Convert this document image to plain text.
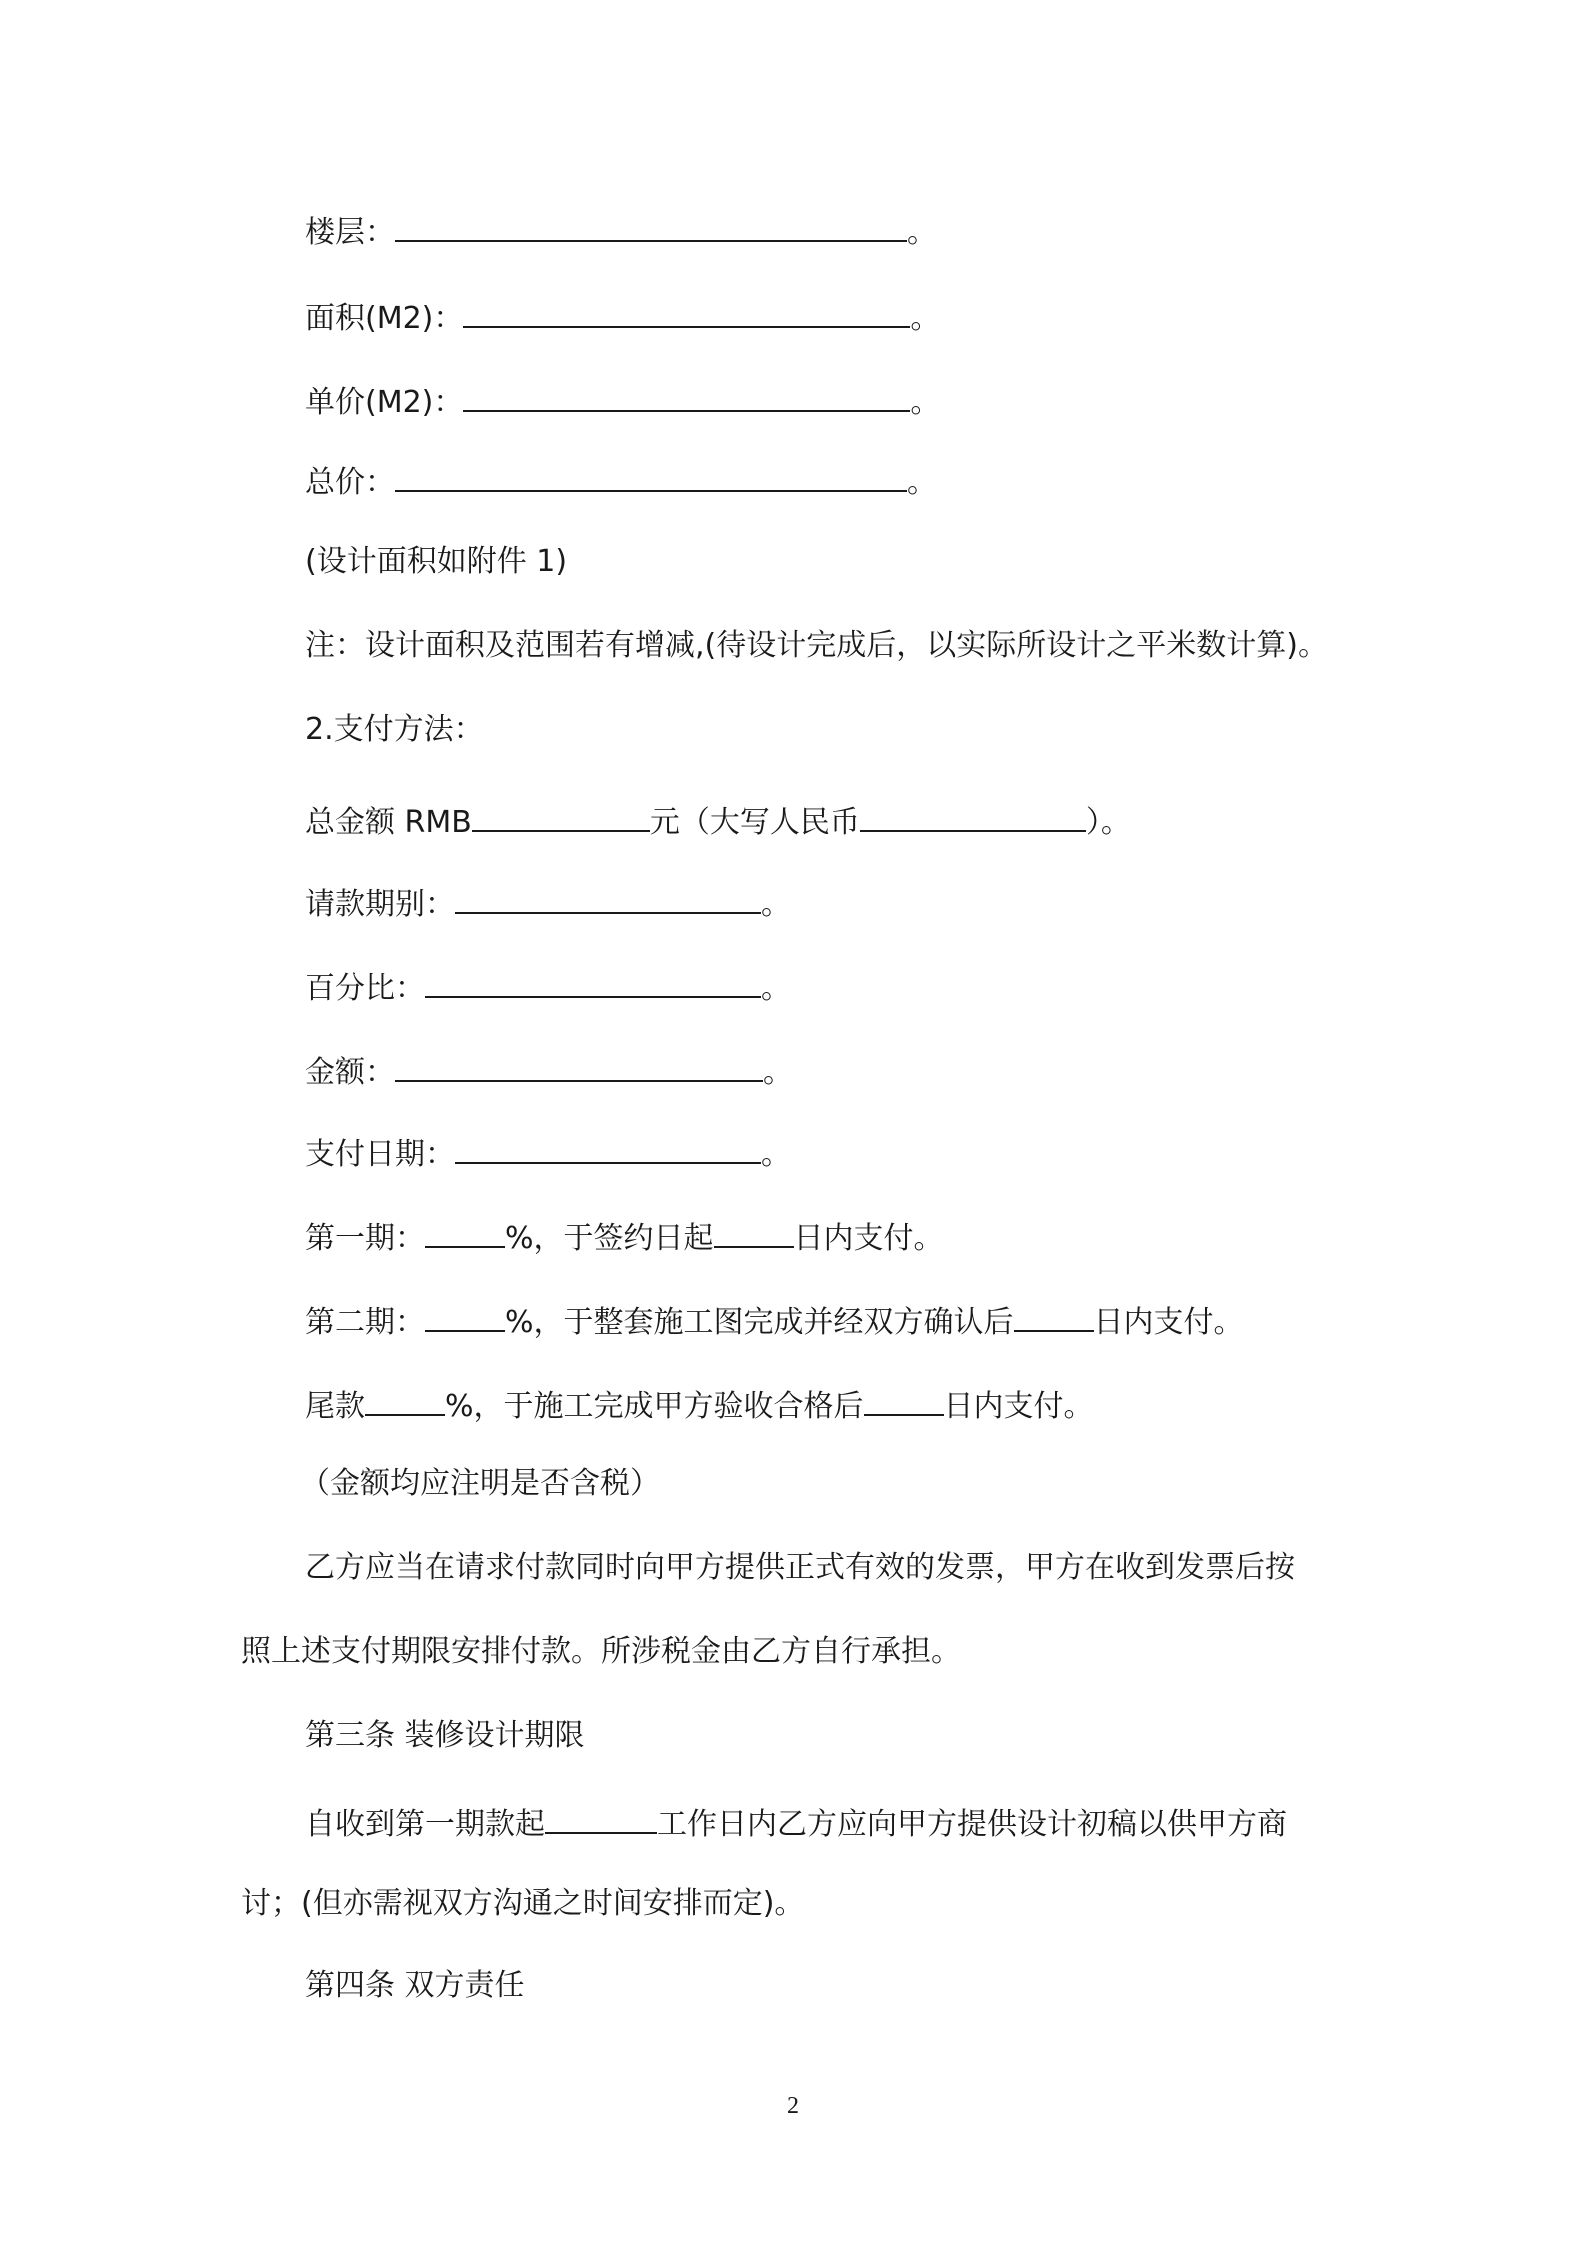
楼层：	。
面积(M2)：	。
单价(M2)：	。
总价：	。
(设计面积如附件 1)
注：设计面积及范围若有增减,(待设计完成后，以实际所设计之平米数计算)。
2.支付方法：
总金额 RMB	元（大写人民币	）。
请款期别：	。
百分比：	。
金额：	。
支付日期：	。
第一期：	%，于签约日起	日内支付。
第二期：	%，于整套施工图完成并经双方确认后	日内支付。
尾款	%，于施工完成甲方验收合格后	日内支付。
（金额均应注明是否含税）
乙方应当在请求付款同时向甲方提供正式有效的发票，甲方在收到发票后按
照上述支付期限安排付款。所涉税金由乙方自行承担。
第三条 装修设计期限
自收到第一期款起	工作日内乙方应向甲方提供设计初稿以供甲方商
讨；(但亦需视双方沟通之时间安排而定)。
第四条 双方责任
2
